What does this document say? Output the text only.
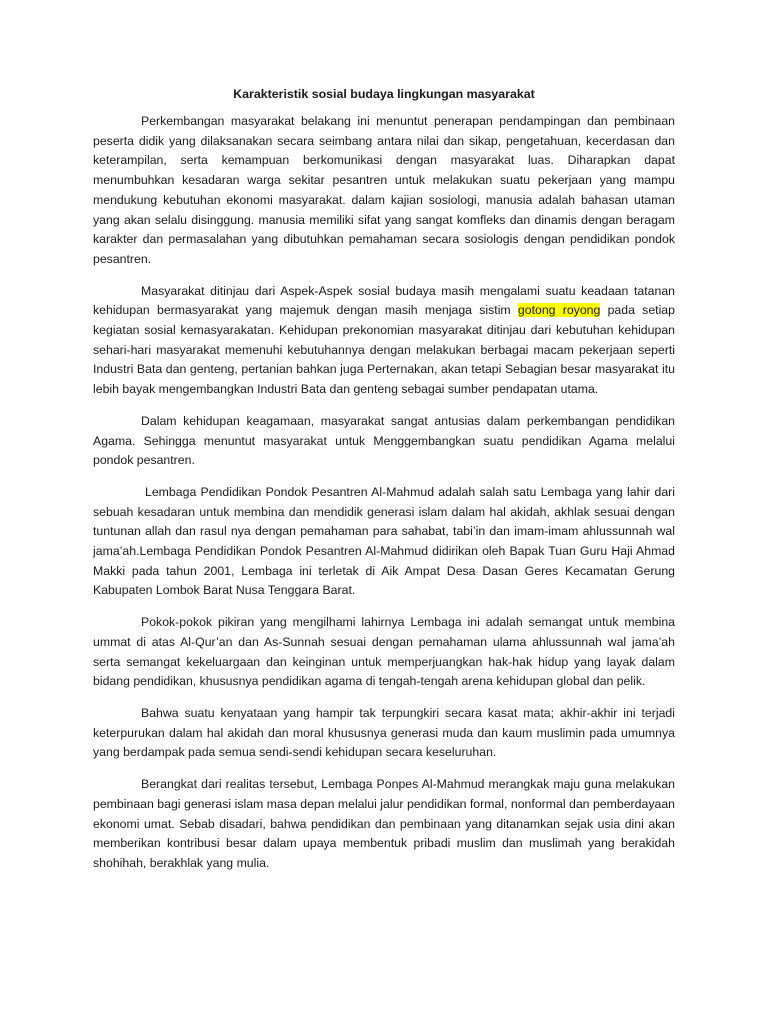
Karakteristik sosial budaya lingkungan masyarakat

Perkembangan masyarakat belakang ini menuntut penerapan pendampingan dan pembinaan peserta didik yang dilaksanakan secara seimbang antara nilai dan sikap, pengetahuan, kecerdasan dan keterampilan, serta kemampuan berkomunikasi dengan masyarakat luas. Diharapkan dapat menumbuhkan kesadaran warga sekitar pesantren untuk melakukan suatu pekerjaan yang mampu mendukung kebutuhan ekonomi masyarakat. dalam kajian sosiologi, manusia adalah bahasan utaman yang akan selalu disinggung. manusia memiliki sifat yang sangat komfleks dan dinamis dengan beragam karakter dan permasalahan yang dibutuhkan pemahaman secara sosiologis dengan pendidikan pondok pesantren.

Masyarakat ditinjau dari Aspek-Aspek sosial budaya masih mengalami suatu keadaan tatanan kehidupan bermasyarakat yang majemuk dengan masih menjaga sistim gotong royong pada setiap kegiatan sosial kemasyarakatan. Kehidupan prekonomian masyarakat ditinjau dari kebutuhan kehidupan sehari-hari masyarakat memenuhi kebutuhannya dengan melakukan berbagai macam pekerjaan seperti Industri Bata dan genteng, pertanian bahkan juga Perternakan, akan tetapi Sebagian besar masyarakat itu lebih bayak mengembangkan Industri Bata dan genteng sebagai sumber pendapatan utama.

Dalam kehidupan keagamaan, masyarakat sangat antusias dalam perkembangan pendidikan Agama. Sehingga menuntut masyarakat untuk Menggembangkan suatu pendidikan Agama melalui pondok pesantren.

Lembaga Pendidikan Pondok Pesantren Al-Mahmud adalah salah satu Lembaga yang lahir dari sebuah kesadaran untuk membina dan mendidik generasi islam dalam hal akidah, akhlak sesuai dengan tuntunan allah dan rasul nya dengan pemahaman para sahabat, tabi’in dan imam-imam ahlussunnah wal jama’ah.Lembaga Pendidikan Pondok Pesantren Al-Mahmud didirikan oleh Bapak Tuan Guru Haji Ahmad Makki pada tahun 2001, Lembaga ini terletak di Aik Ampat Desa Dasan Geres Kecamatan Gerung Kabupaten Lombok Barat Nusa Tenggara Barat.

Pokok-pokok pikiran yang mengilhami lahirnya Lembaga ini adalah semangat untuk membina ummat di atas Al-Qur’an dan As-Sunnah sesuai dengan pemahaman ulama ahlussunnah wal jama’ah serta semangat kekeluargaan dan keinginan untuk memperjuangkan hak-hak hidup yang layak dalam bidang pendidikan, khususnya pendidikan agama di tengah-tengah arena kehidupan global dan pelik.

Bahwa suatu kenyataan yang hampir tak terpungkiri secara kasat mata; akhir-akhir ini terjadi keterpurukan dalam hal akidah dan moral khususnya generasi muda dan kaum muslimin pada umumnya yang berdampak pada semua sendi-sendi kehidupan secara keseluruhan.

Berangkat dari realitas tersebut, Lembaga Ponpes Al-Mahmud merangkak maju guna melakukan pembinaan bagi generasi islam masa depan melalui jalur pendidikan formal, nonformal dan pemberdayaan ekonomi umat. Sebab disadari, bahwa pendidikan dan pembinaan yang ditanamkan sejak usia dini akan memberikan kontribusi besar dalam upaya membentuk pribadi muslim dan muslimah yang berakidah shohihah, berakhlak yang mulia.
